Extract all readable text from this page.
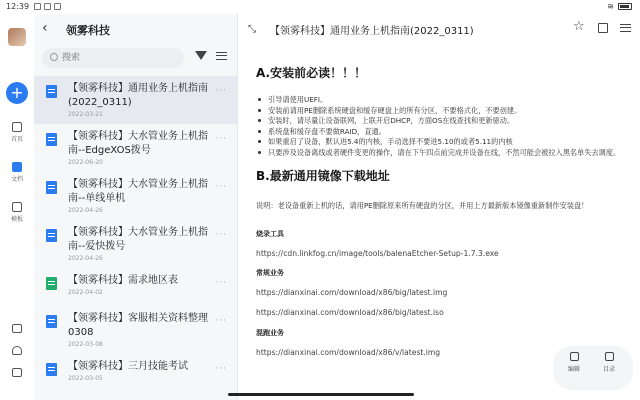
12:39	≋
+
首页
文档
模板
‹ 领雾科技
搜索
【领雾科技】通用业务上机指南(2022_0311)
2022-03-21
···
【领雾科技】大水管业务上机指南--EdgeXOS拨号
2022-06-20
···
【领雾科技】大水管业务上机指南--单线单机
2022-04-26
···
【领雾科技】大水管业务上机指南--爱快拨号
2022-04-26
···
【领雾科技】需求地区表
2022-04-02
···
【领雾科技】客服相关资料整理0308
2022-03-08
···
【领雾科技】三月技能考试
2022-03-05
···
⤡ 【领雾科技】通用业务上机指南(2022_0311)	☆
A.安装前必读！！！
引导请使用UEFI。
安装前请用PE删除系统硬盘和缓存硬盘上的所有分区，不要格式化，不要创建。
安装时，请尽量让设备联网，上联开启DHCP，方面OS在线查找和更新驱动。
系统盘和缓存盘不要做RAID，直通。
如果重启了设备，默认进5.4的内核，手动选择不要进5.10的或者5.11的内核
只要涉及设备离线或者硬件变更的操作，请在下午四点前完成并设备在线，不然可能会被拉入黑名单失去调度。
B.最新通用镜像下载地址
说明：老设备重新上机的话，请用PE删除原来所有硬盘的分区，并用上方最新版本镜像重新制作安装盘！
烧录工具
https://cdn.linkfog.cn/image/tools/balenaEtcher-Setup-1.7.3.exe
常规业务
https://dianxinai.com/download/x86/big/latest.img
https://dianxinai.com/download/x86/big/latest.iso
混跑业务
https://dianxinai.com/download/x86/v/latest.img
编辑	目录
